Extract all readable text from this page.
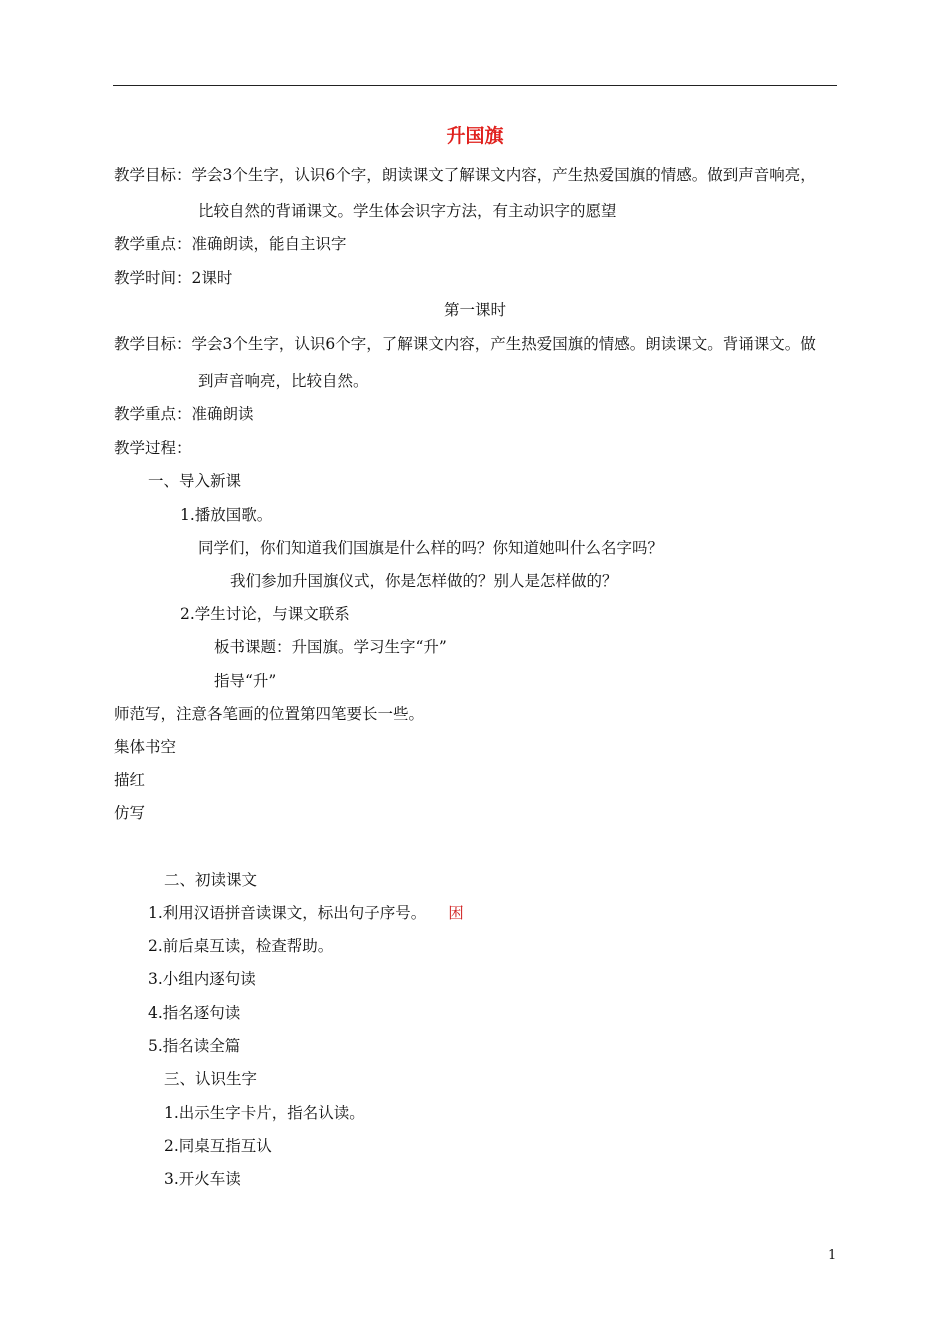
升国旗
教学目标：学会3个生字，认识6个字，朗读课文了解课文内容，产生热爱国旗的情感。做到声音响亮，
比较自然的背诵课文。学生体会识字方法，有主动识字的愿望
教学重点：准确朗读，能自主识字
教学时间：2课时
第一课时
教学目标：学会3个生字，认识6个字，了解课文内容，产生热爱国旗的情感。朗读课文。背诵课文。做
到声音响亮，比较自然。
教学重点：准确朗读
教学过程：
一、导入新课
1.播放国歌。
同学们，你们知道我们国旗是什么样的吗？你知道她叫什么名字吗？
我们参加升国旗仪式，你是怎样做的？别人是怎样做的？
2.学生讨论，与课文联系
板书课题：升国旗。学习生字“升”
指导“升”
师范写，注意各笔画的位置第四笔要长一些。
集体书空
描红
仿写
二、初读课文
1.利用汉语拼音读课文，标出句子序号。 困
2.前后桌互读，检查帮助。
3.小组内逐句读
4.指名逐句读
5.指名读全篇
三、认识生字
1.出示生字卡片，指名认读。
2.同桌互指互认
3.开火车读
1
